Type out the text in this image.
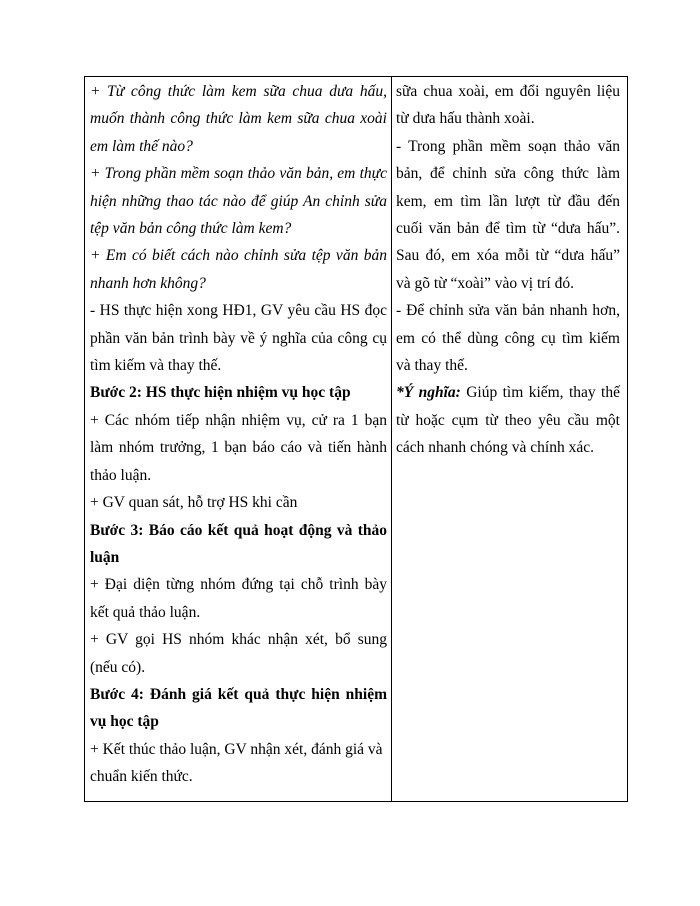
+ Từ công thức làm kem sữa chua dưa hấu, muốn thành công thức làm kem sữa chua xoài em làm thế nào?

+ Trong phần mềm soạn thảo văn bản, em thực hiện những thao tác nào để giúp An chỉnh sửa tệp văn bản công thức làm kem?

+ Em có biết cách nào chỉnh sửa tệp văn bản nhanh hơn không?

- HS thực hiện xong HĐ1, GV yêu cầu HS đọc phần văn bản trình bày về ý nghĩa của công cụ tìm kiếm và thay thế.

Bước 2: HS thực hiện nhiệm vụ học tập

+ Các nhóm tiếp nhận nhiệm vụ, cử ra 1 bạn làm nhóm trưởng, 1 bạn báo cáo và tiến hành thảo luận.

+ GV quan sát, hỗ trợ HS khi cần

Bước 3: Báo cáo kết quả hoạt động và thảo luận

+ Đại diện từng nhóm đứng tại chỗ trình bày kết quả thảo luận.

+ GV gọi HS nhóm khác nhận xét, bổ sung (nếu có).

Bước 4: Đánh giá kết quả thực hiện nhiệm vụ học tập

+ Kết thúc thảo luận, GV nhận xét, đánh giá và chuẩn kiến thức.

sữa chua xoài, em đổi nguyên liệu từ dưa hấu thành xoài.

- Trong phần mềm soạn thảo văn bản, để chỉnh sửa công thức làm kem, em tìm lần lượt từ đầu đến cuối văn bản để tìm từ “dưa hấu”. Sau đó, em xóa mỗi từ “dưa hấu” và gõ từ “xoài” vào vị trí đó.

- Để chỉnh sửa văn bản nhanh hơn, em có thể dùng công cụ tìm kiếm và thay thế.

*Ý nghĩa: Giúp tìm kiếm, thay thế từ hoặc cụm từ theo yêu cầu một cách nhanh chóng và chính xác.
